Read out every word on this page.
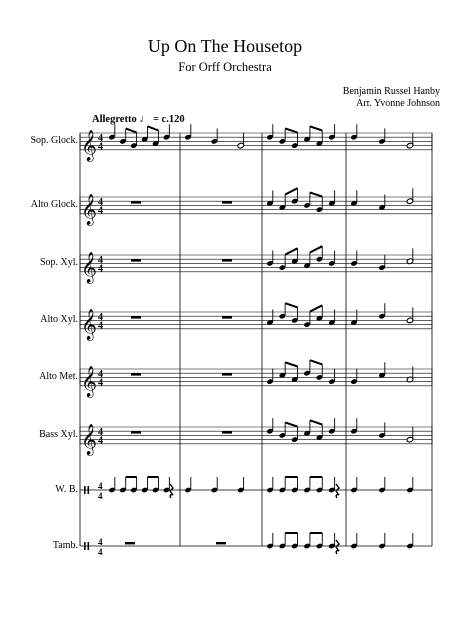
Up On The Housetop
For Orff Orchestra
Benjamin Russel Hanby
Arr. Yvonne Johnson
Allegretto ♩ = c.120
Sop. Glock.
Alto Glock.
Sop. Xyl.
Alto Xyl.
Alto Met.
Bass Xyl.
W. B.
Tamb.
𝄞 4
4
𝄞 4
4
𝄞 4
4
𝄞 4
4
𝄞 4
4
𝄞 4
4
4
4
4
4
